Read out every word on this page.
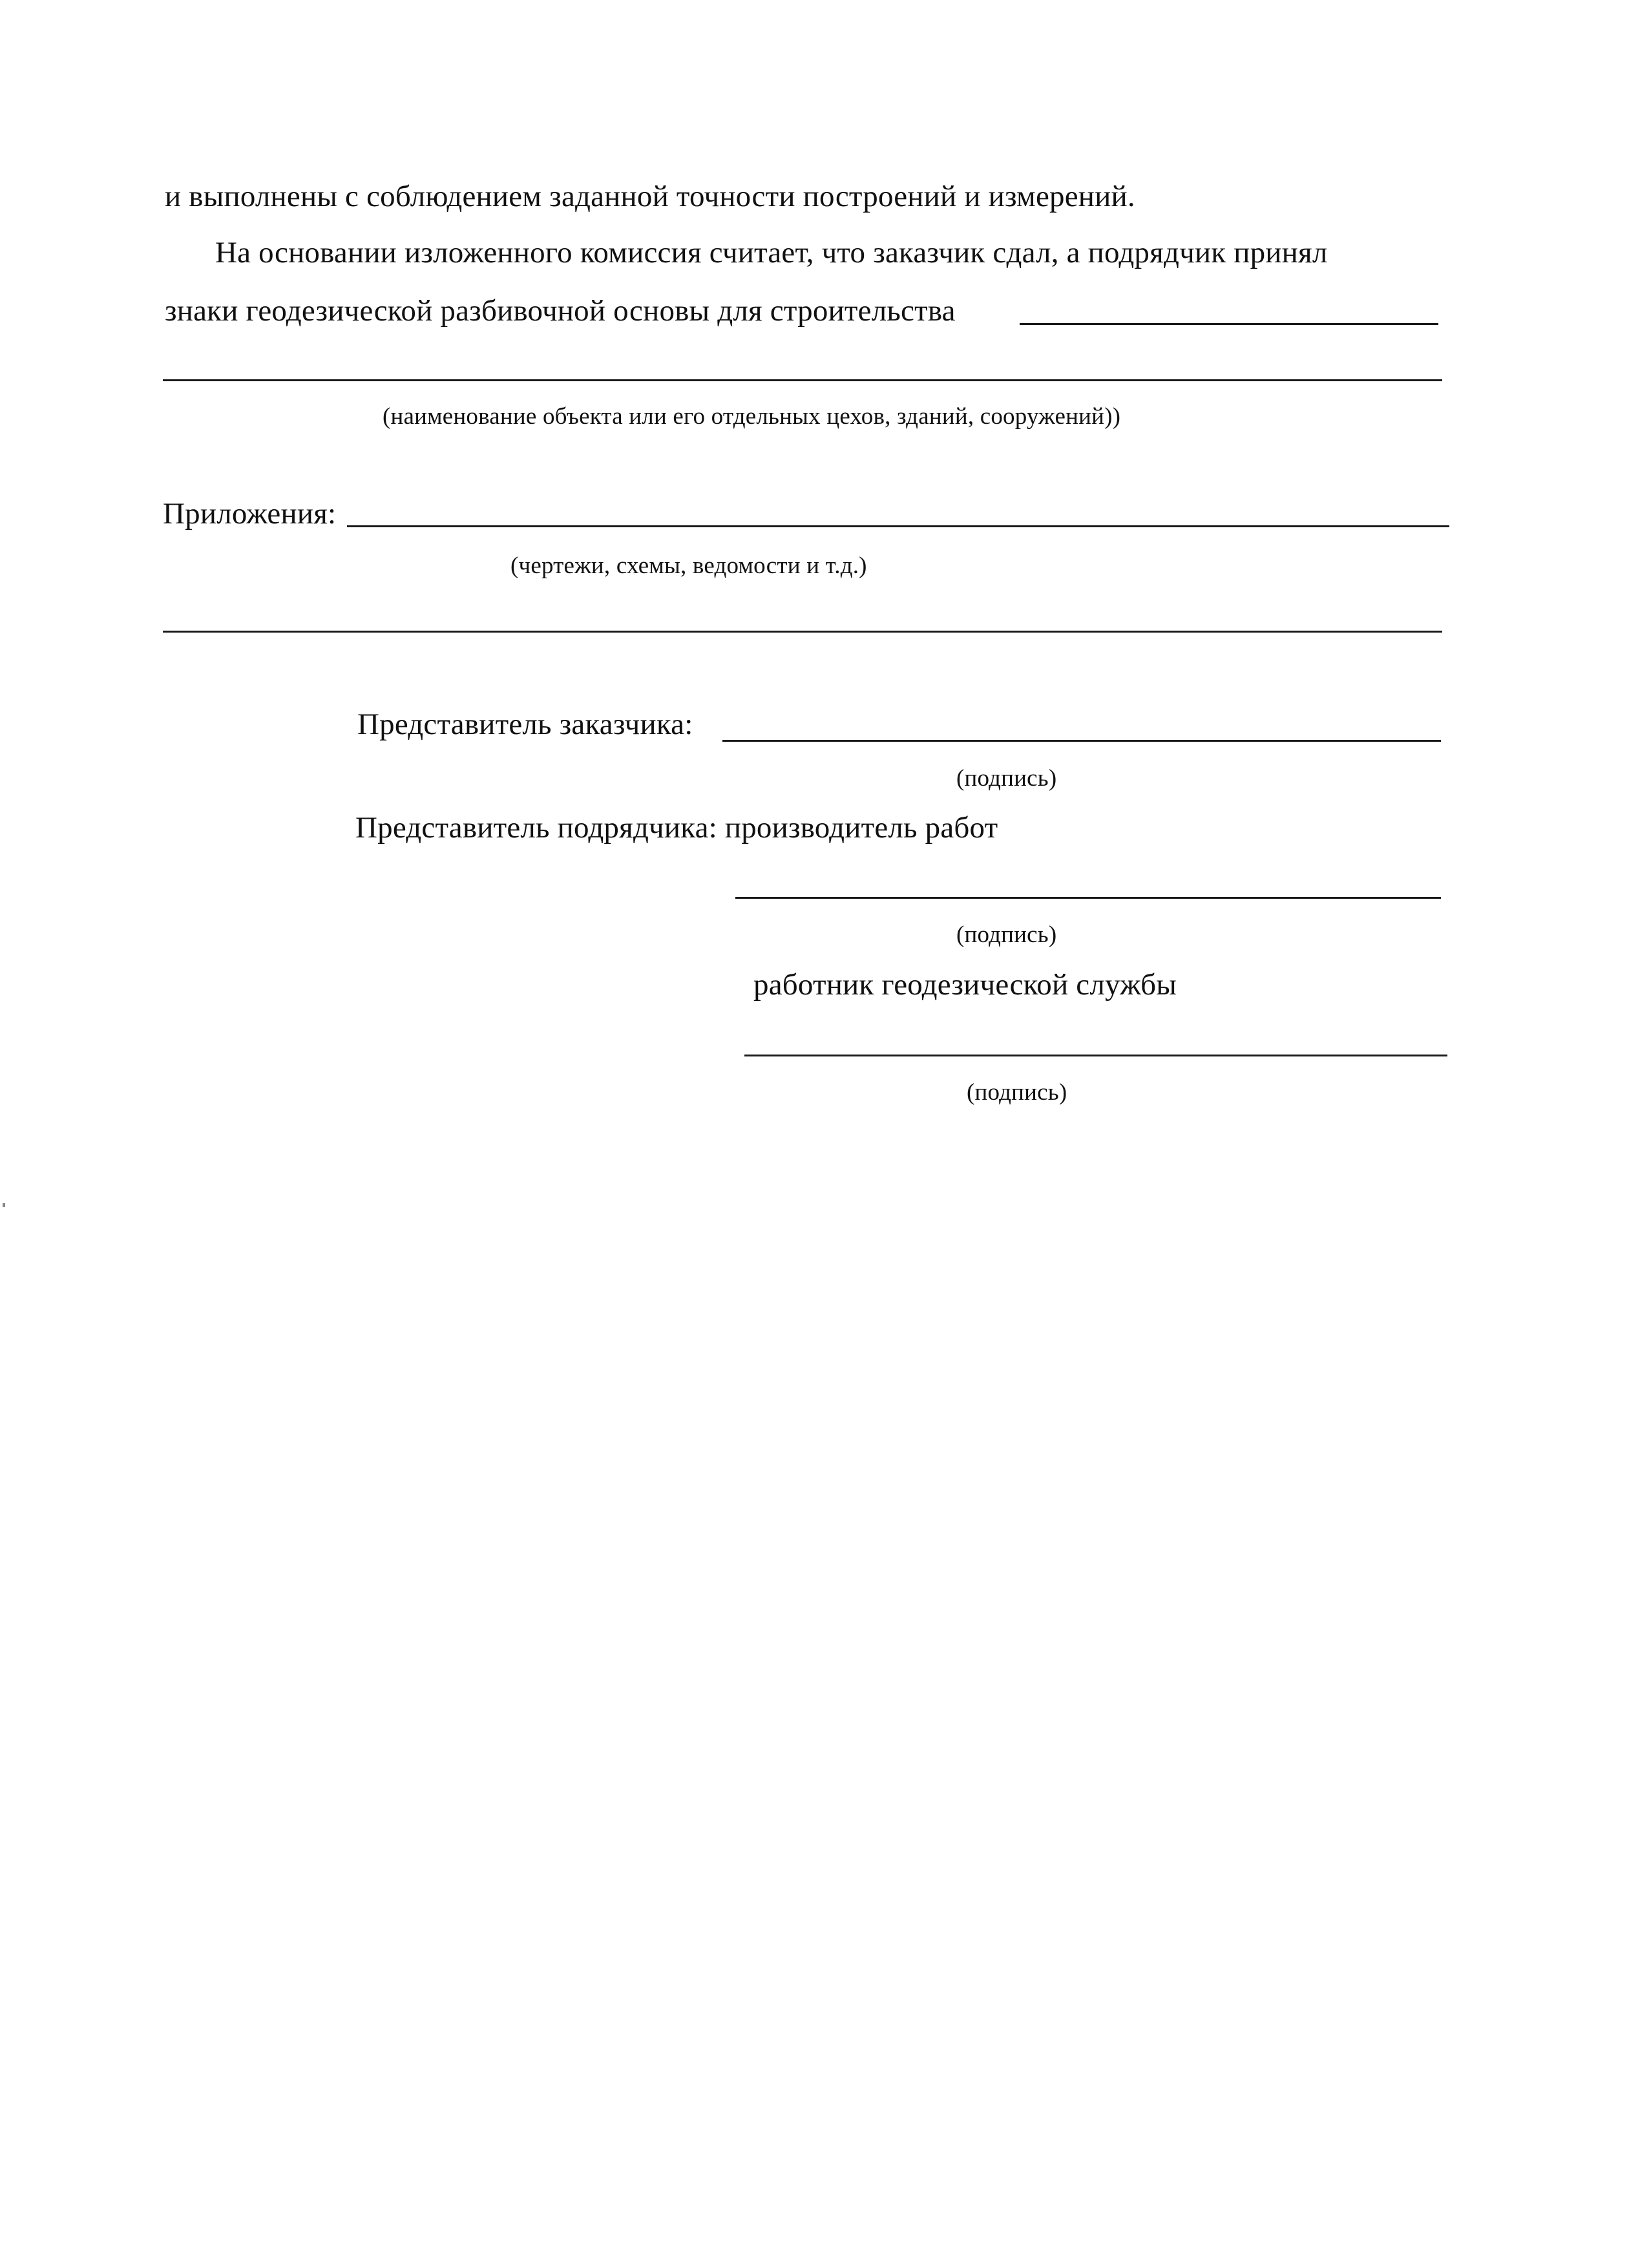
и выполнены с соблюдением заданной точности построений и измерений.
На основании изложенного комиссия считает, что заказчик сдал, а подрядчик принял
знаки геодезической разбивочной основы для строительства
(наименование объекта или его отдельных цехов, зданий, сооружений))
Приложения:
(чертежи, схемы, ведомости и т.д.)
Представитель заказчика:
(подпись)
Представитель подрядчика: производитель работ
(подпись)
работник геодезической службы
(подпись)
